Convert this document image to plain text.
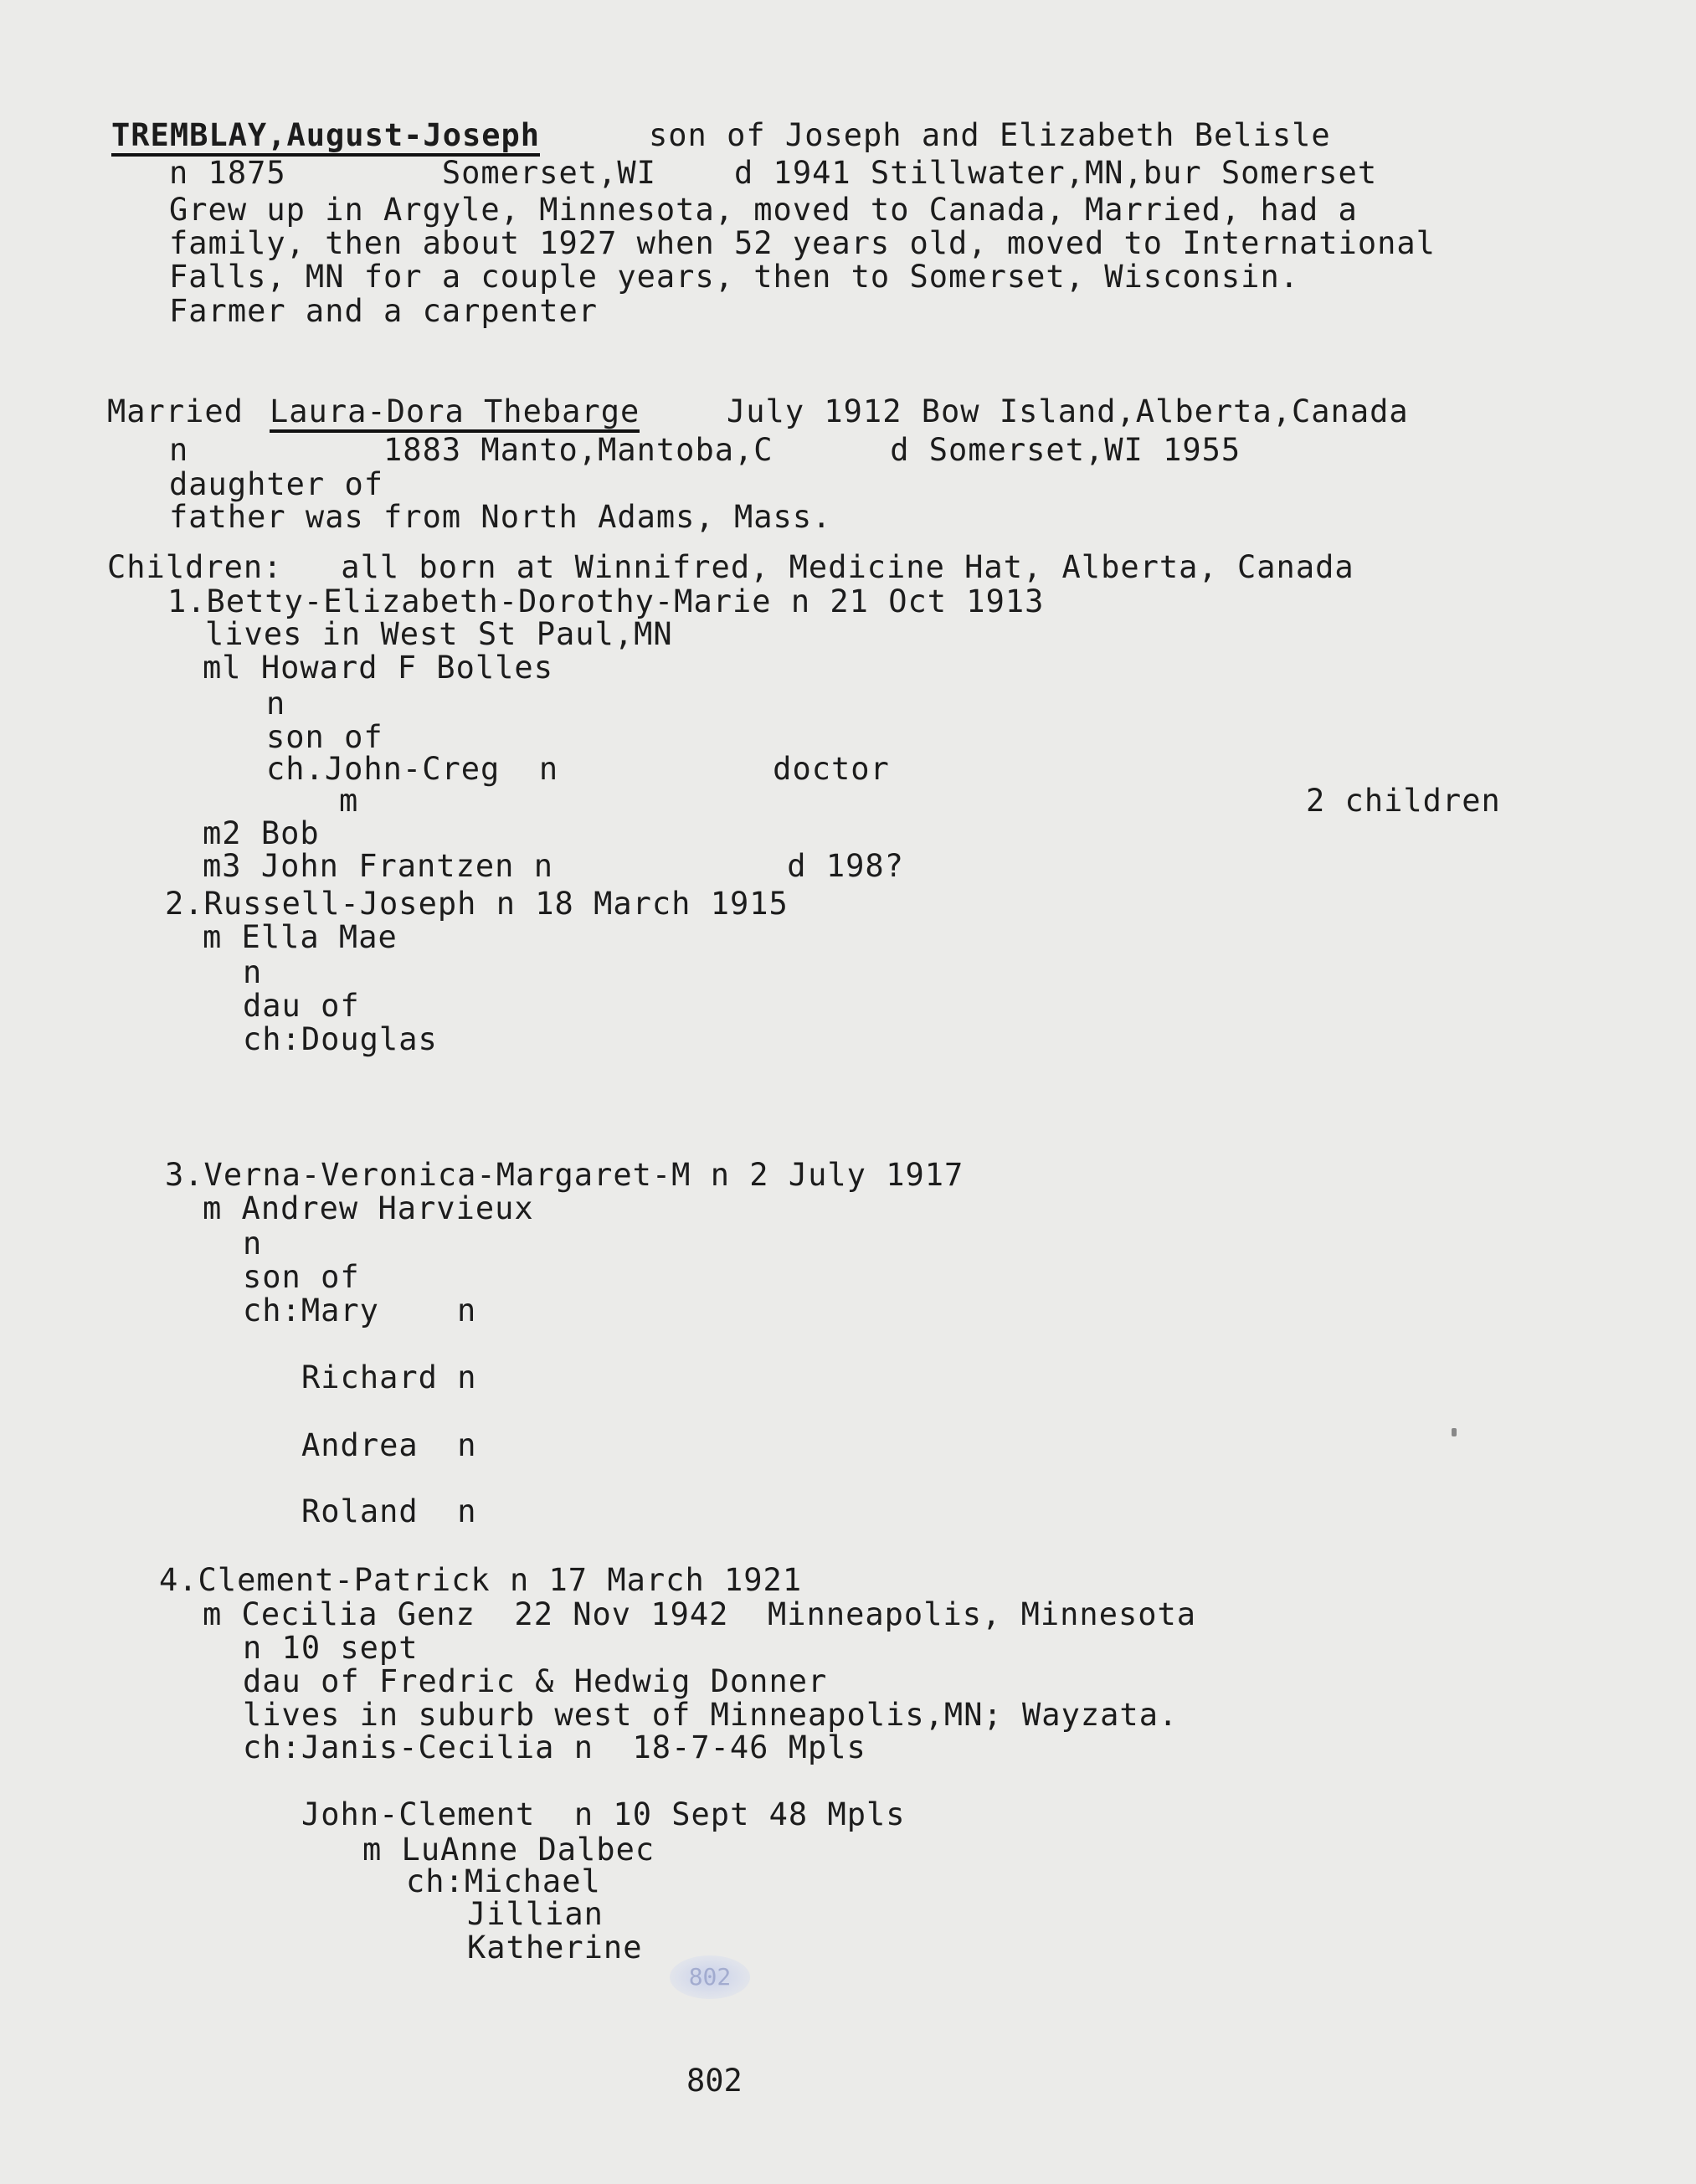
TREMBLAY,August-Joseph	son of Joseph and Elizabeth Belisle
n 1875        Somerset,WI    d 1941 Stillwater,MN,bur Somerset
Grew up in Argyle, Minnesota, moved to Canada, Married, had a
family, then about 1927 when 52 years old, moved to International
Falls, MN for a couple years, then to Somerset, Wisconsin.
Farmer and a carpenter
Married Laura-Dora Thebarge	July 1912 Bow Island,Alberta,Canada
n          1883 Manto,Mantoba,C      d Somerset,WI 1955
daughter of
father was from North Adams, Mass.
Children:   all born at Winnifred, Medicine Hat, Alberta, Canada
1.Betty-Elizabeth-Dorothy-Marie n 21 Oct 1913
lives in West St Paul,MN
ml Howard F Bolles
n
son of
ch.John-Creg  n           doctor
m	2 children
m2 Bob
m3 John Frantzen n            d 198?
2.Russell-Joseph n 18 March 1915
m Ella Mae
n
dau of
ch:Douglas
3.Verna-Veronica-Margaret-M n 2 July 1917
m Andrew Harvieux
n
son of
ch:Mary    n
Richard n
Andrea  n
Roland  n
4.Clement-Patrick n 17 March 1921
m Cecilia Genz  22 Nov 1942  Minneapolis, Minnesota
n 10 sept
dau of Fredric & Hedwig Donner
lives in suburb west of Minneapolis,MN; Wayzata.
ch:Janis-Cecilia n  18-7-46 Mpls
John-Clement  n 10 Sept 48 Mpls
m LuAnne Dalbec
ch:Michael
Jillian
Katherine
802
802
